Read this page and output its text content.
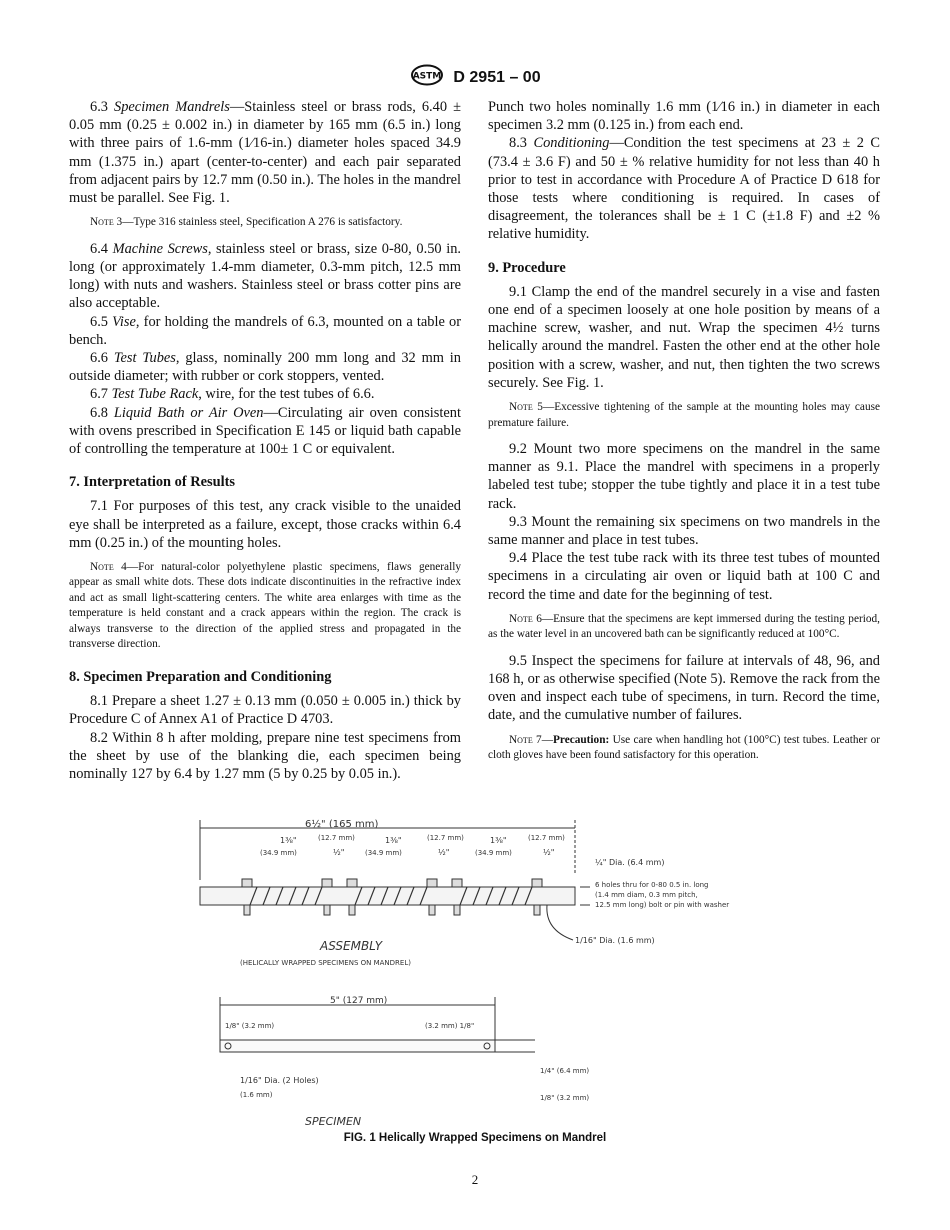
ASTM D 2951 – 00

6.3 Specimen Mandrels—Stainless steel or brass rods, 6.40 ± 0.05 mm (0.25 ± 0.002 in.) in diameter by 165 mm (6.5 in.) long with three pairs of 1.6-mm (1⁄16-in.) diameter holes spaced 34.9 mm (1.375 in.) apart (center-to-center) and each pair separated from adjacent pairs by 12.7 mm (0.50 in.). The holes in the mandrel must be parallel. See Fig. 1.

Note 3—Type 316 stainless steel, Specification A 276 is satisfactory.

6.4 Machine Screws, stainless steel or brass, size 0-80, 0.50 in. long (or approximately 1.4-mm diameter, 0.3-mm pitch, 12.5 mm long) with nuts and washers. Stainless steel or brass cotter pins are also acceptable.

6.5 Vise, for holding the mandrels of 6.3, mounted on a table or bench.

6.6 Test Tubes, glass, nominally 200 mm long and 32 mm in outside diameter; with rubber or cork stoppers, vented.

6.7 Test Tube Rack, wire, for the test tubes of 6.6.

6.8 Liquid Bath or Air Oven—Circulating air oven consistent with ovens prescribed in Specification E 145 or liquid bath capable of controlling the temperature at 100± 1 C or equivalent.

7. Interpretation of Results

7.1 For purposes of this test, any crack visible to the unaided eye shall be interpreted as a failure, except, those cracks within 6.4 mm (0.25 in.) of the mounting holes.

Note 4—For natural-color polyethylene plastic specimens, flaws generally appear as small white dots. These dots indicate discontinuities in the refractive index and act as small light-scattering centers. The white area enlarges with time as the temperature is held constant and a crack appears within the region. The crack is always transverse to the direction of the applied stress and propagated in the transverse direction.
8. Specimen Preparation and Conditioning

8.1 Prepare a sheet 1.27 ± 0.13 mm (0.050 ± 0.005 in.) thick by Procedure C of Annex A1 of Practice D 4703.

8.2 Within 8 h after molding, prepare nine test specimens from the sheet by use of the blanking die, each specimen being nominally 127 by 6.4 by 1.27 mm (5 by 0.25 by 0.05 in.).

Punch two holes nominally 1.6 mm (1⁄16 in.) in diameter in each specimen 3.2 mm (0.125 in.) from each end.

8.3 Conditioning—Condition the test specimens at 23 ± 2 C (73.4 ± 3.6 F) and 50 ± % relative humidity for not less than 40 h prior to test in accordance with Procedure A of Practice D 618 for those tests where conditioning is required. In cases of disagreement, the tolerances shall be ± 1 C (±1.8 F) and ±2 % relative humidity.

9. Procedure

9.1 Clamp the end of the mandrel securely in a vise and fasten one end of a specimen loosely at one hole position by means of a machine screw, washer, and nut. Wrap the specimen 4½ turns helically around the mandrel. Fasten the other end at the other hole position with a screw, washer, and nut, then tighten the two screws securely. See Fig. 1.

Note 5—Excessive tightening of the sample at the mounting holes may cause premature failure.

9.2 Mount two more specimens on the mandrel in the same manner as 9.1. Place the mandrel with specimens in a properly labeled test tube; stopper the tube tightly and place it in a test tube rack.

9.3 Mount the remaining six specimens on two mandrels in the same manner and place in test tubes.

9.4 Place the test tube rack with its three test tubes of mounted specimens in a circulating air oven or liquid bath at 100 C and record the time and date for the beginning of test.

Note 6—Ensure that the specimens are kept immersed during the testing period, as the water level in an uncovered bath can be significantly reduced at 100°C.

9.5 Inspect the specimens for failure at intervals of 48, 96, and 168 h, or as otherwise specified (Note 5). Remove the rack from the oven and inspect each tube of specimens, in turn. Record the time, date, and the cumulative number of failures.

Note 7—Precaution: Use care when handling hot (100°C) test tubes. Leather or cloth gloves have been found satisfactory for this operation.
6½" (165 mm)
(34.9 mm)	(34.9 mm)	(34.9 mm)
1⅜"	1⅜"	1⅜"
(12.7 mm)	(12.7 mm)	(12.7 mm)
½"	½"	½"
¼" Dia. (6.4 mm)
6 holes thru for 0-80 0.5 in. long
(1.4 mm diam, 0.3 mm pitch,
12.5 mm long) bolt or pin with washer
1/16" Dia. (1.6 mm)
ASSEMBLY
(HELICALLY WRAPPED SPECIMENS ON MANDREL)
5" (127 mm)
1/8" (3.2 mm)	(3.2 mm) 1/8"
1/4" (6.4 mm)
1/8" (3.2 mm)
1/16" Dia. (2 Holes)
(1.6 mm)
SPECIMEN
FIG. 1 Helically Wrapped Specimens on Mandrel
2
